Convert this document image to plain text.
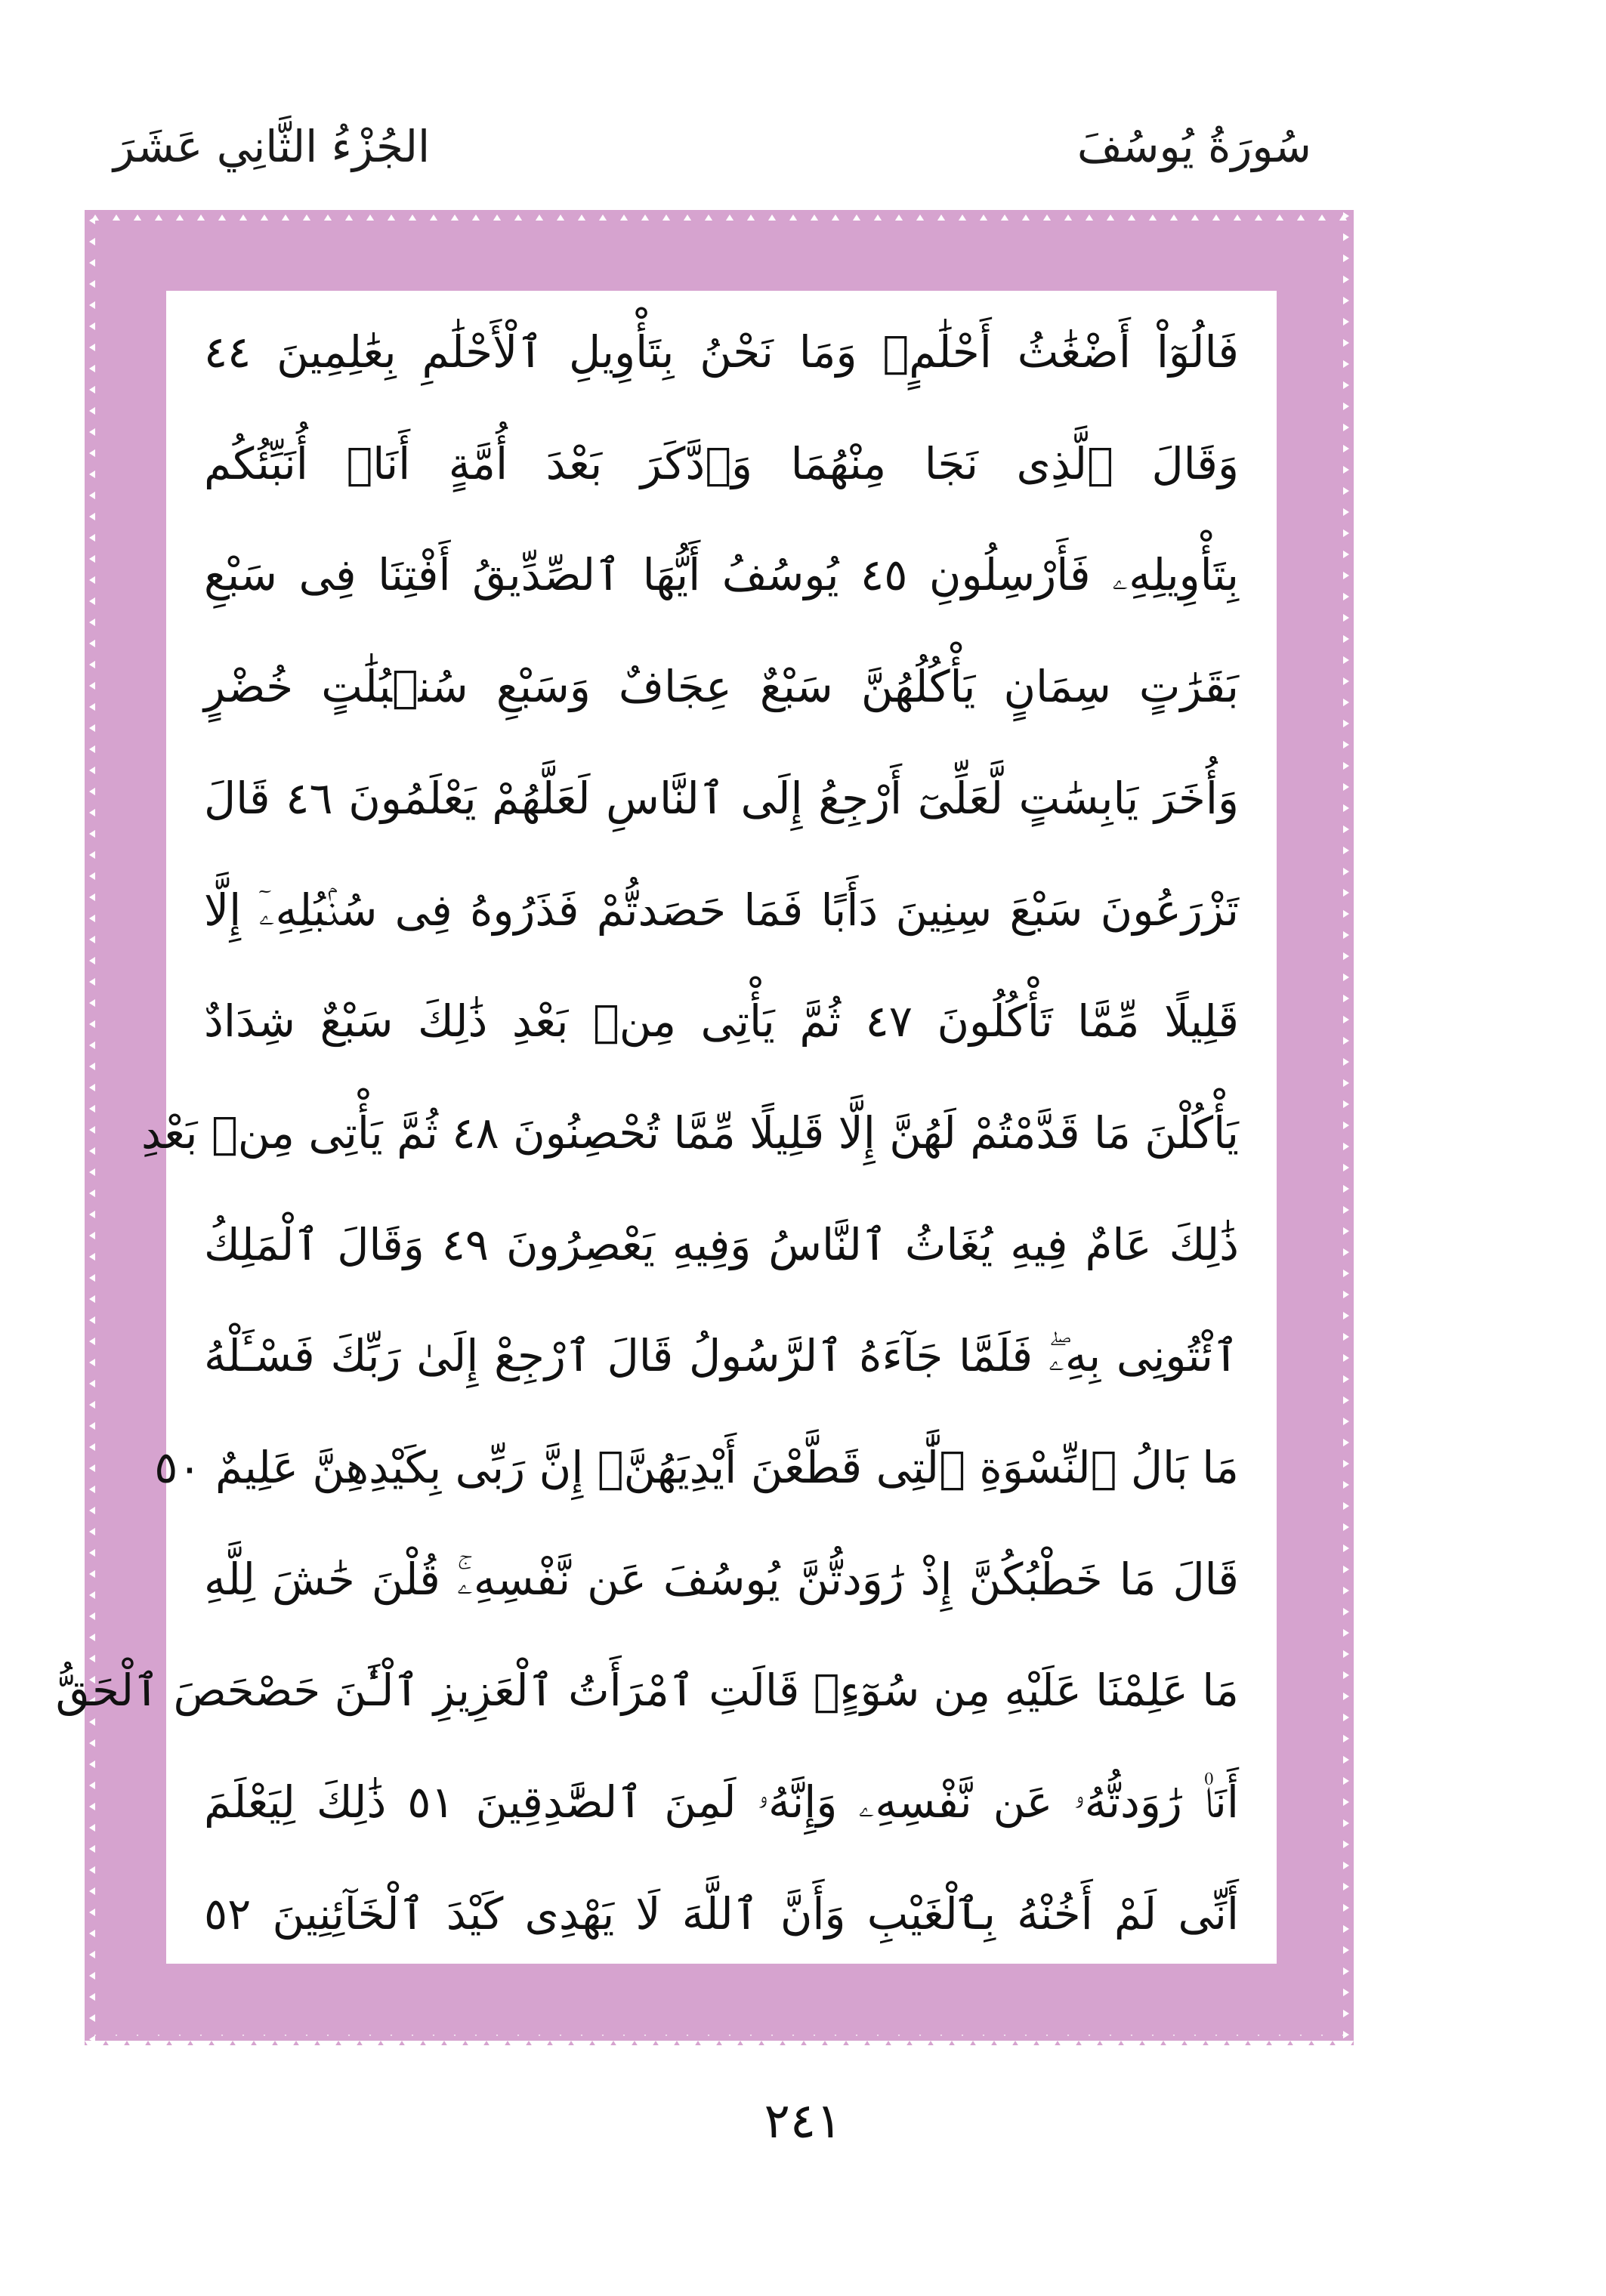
سُورَةُ يُوسُفَ
الجُزْءُ الثَّانِي عَشَرَ
فَالُوٓاْ أَضْغَٰثُ أَحْلَٰمٍۖ وَمَا نَحْنُ بِتَأْوِيلِ ٱلْأَحْلَٰمِ بِعَٰلِمِينَ ٤٤
وَقَالَ ٱلَّذِى نَجَا مِنْهُمَا وَٱدَّكَرَ بَعْدَ أُمَّةٍ أَنَا۠ أُنَبِّئُكُم
بِتَأْوِيلِهِۦ فَأَرْسِلُونِ ٤٥ يُوسُفُ أَيُّهَا ٱلصِّدِّيقُ أَفْتِنَا فِى سَبْعِ
بَقَرَٰتٍ سِمَانٍ يَأْكُلُهُنَّ سَبْعٌ عِجَافٌ وَسَبْعِ سُنۢبُلَٰتٍ خُضْرٍ
وَأُخَرَ يَابِسَٰتٍ لَّعَلِّىٓ أَرْجِعُ إِلَى ٱلنَّاسِ لَعَلَّهُمْ يَعْلَمُونَ ٤٦ قَالَ
تَزْرَعُونَ سَبْعَ سِنِينَ دَأَبًا فَمَا حَصَدتُّمْ فَذَرُوهُ فِى سُنۢبُلِهِۦٓ إِلَّا
قَلِيلًا مِّمَّا تَأْكُلُونَ ٤٧ ثُمَّ يَأْتِى مِنۢ بَعْدِ ذَٰلِكَ سَبْعٌ شِدَادٌ
يَأْكُلْنَ مَا قَدَّمْتُمْ لَهُنَّ إِلَّا قَلِيلًا مِّمَّا تُحْصِنُونَ ٤٨ ثُمَّ يَأْتِى مِنۢ بَعْدِ
ذَٰلِكَ عَامٌ فِيهِ يُغَاثُ ٱلنَّاسُ وَفِيهِ يَعْصِرُونَ ٤٩ وَقَالَ ٱلْمَلِكُ
ٱئْتُونِى بِهِۦۖ فَلَمَّا جَآءَهُ ٱلرَّسُولُ قَالَ ٱرْجِعْ إِلَىٰ رَبِّكَ فَسْـَٔلْهُ
مَا بَالُ ٱلنِّسْوَةِ ٱلَّٰتِى قَطَّعْنَ أَيْدِيَهُنَّۚ إِنَّ رَبِّى بِكَيْدِهِنَّ عَلِيمٌ ٥٠
قَالَ مَا خَطْبُكُنَّ إِذْ رَٰوَدتُّنَّ يُوسُفَ عَن نَّفْسِهِۦۚ قُلْنَ حَٰشَ لِلَّهِ
مَا عَلِمْنَا عَلَيْهِ مِن سُوٓءٍۚ قَالَتِ ٱمْرَأَتُ ٱلْعَزِيزِ ٱلْـَٰٔنَ حَصْحَصَ ٱلْحَقُّ
أَنَا۠ رَٰوَدتُّهُۥ عَن نَّفْسِهِۦ وَإِنَّهُۥ لَمِنَ ٱلصَّٰدِقِينَ ٥١ ذَٰلِكَ لِيَعْلَمَ
أَنِّى لَمْ أَخُنْهُ بِٱلْغَيْبِ وَأَنَّ ٱللَّهَ لَا يَهْدِى كَيْدَ ٱلْخَآئِنِينَ ٥٢
٢٤١
